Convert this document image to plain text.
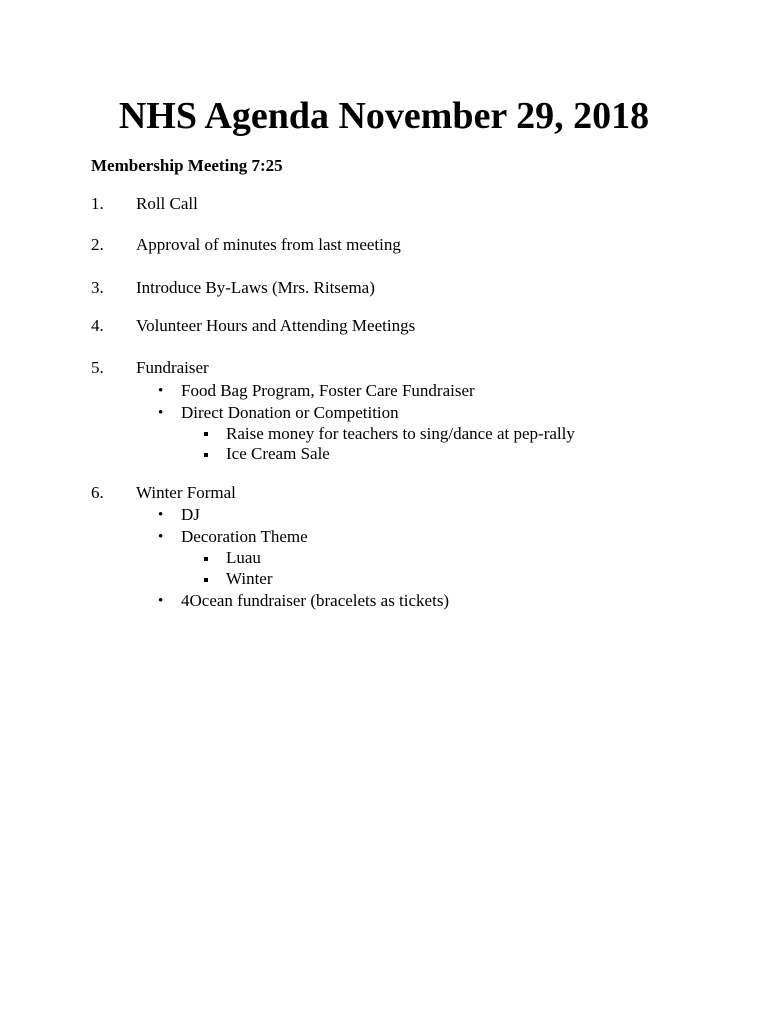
NHS Agenda November 29, 2018
Membership Meeting 7:25
1. Roll Call
2. Approval of minutes from last meeting
3. Introduce By-Laws (Mrs. Ritsema)
4. Volunteer Hours and Attending Meetings
5. Fundraiser
• Food Bag Program, Foster Care Fundraiser
• Direct Donation or Competition
Raise money for teachers to sing/dance at pep-rally
Ice Cream Sale
6. Winter Formal
• DJ
• Decoration Theme
Luau
Winter
• 4Ocean fundraiser (bracelets as tickets)
